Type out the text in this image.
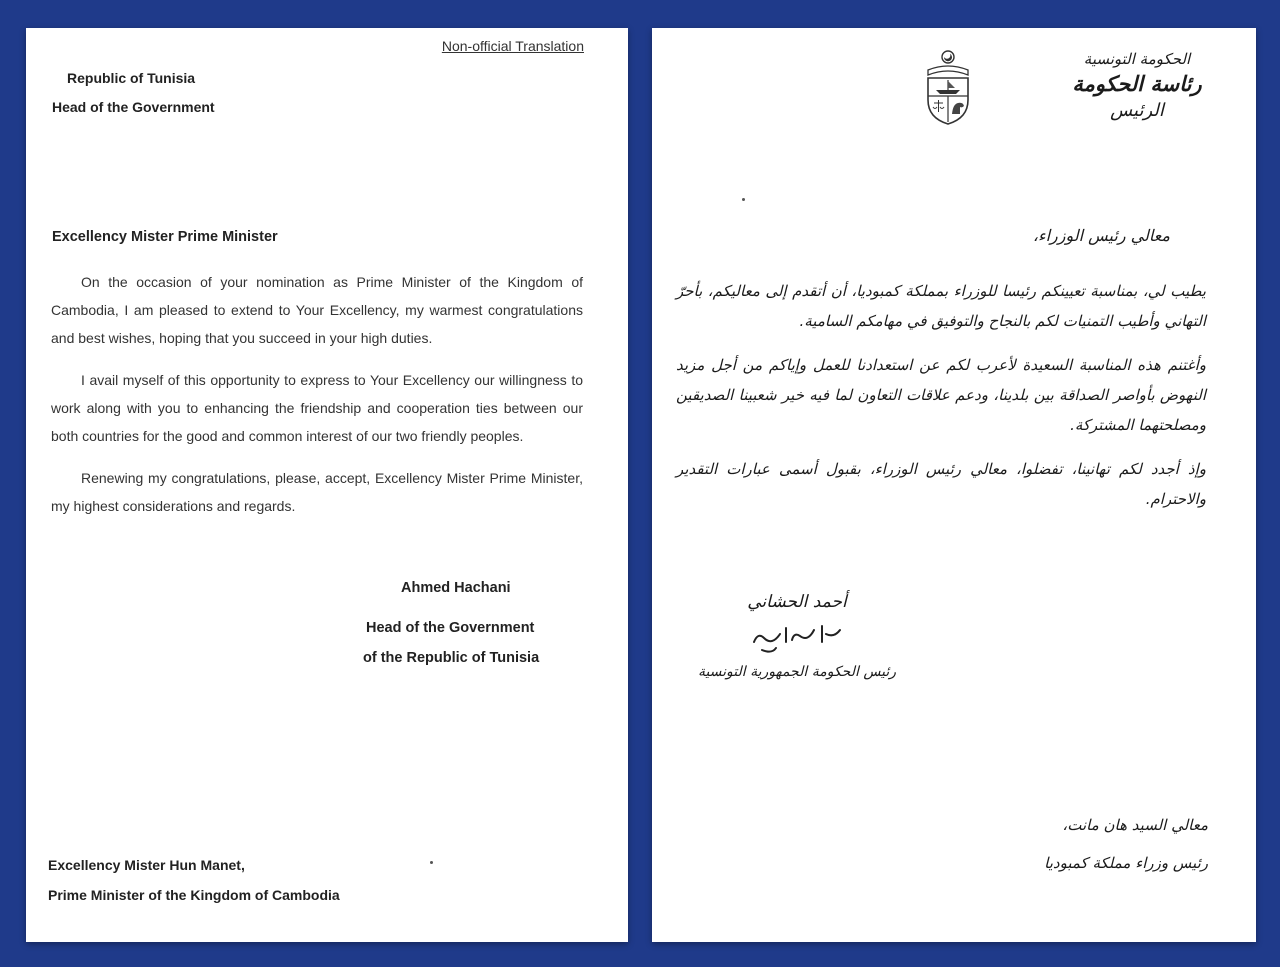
Non-official Translation
Republic of Tunisia
Head of the Government
Excellency Mister Prime Minister

On the occasion of your nomination as Prime Minister of the Kingdom of Cambodia, I am pleased to extend to Your Excellency, my warmest congratulations and best wishes, hoping that you succeed in your high duties.

I avail myself of this opportunity to express to Your Excellency our willingness to work along with you to enhancing the friendship and cooperation ties between our both countries for the good and common interest of our two friendly peoples.

Renewing my congratulations, please, accept, Excellency Mister Prime Minister, my highest considerations and regards.

Ahmed Hachani
Head of the Government
of the Republic of Tunisia
Excellency Mister Hun Manet,
Prime Minister of the Kingdom of Cambodia
الحكومة التونسية
رئاسة الحكومة
الرئيس
معالي رئيس الوزراء،

يطيب لي، بمناسبة تعيينكم رئيسا للوزراء بمملكة كمبوديا، أن أتقدم إلى معاليكم، بأحرّ التهاني وأطيب التمنيات لكم بالنجاح والتوفيق في مهامكم السامية.

وأغتنم هذه المناسبة السعيدة لأعرب لكم عن استعدادنا للعمل وإياكم من أجل مزيد النهوض بأواصر الصداقة بين بلدينا، ودعم علاقات التعاون لما فيه خير شعبينا الصديقين ومصلحتهما المشتركة.

وإذ أجدد لكم تهانينا، تفضلوا، معالي رئيس الوزراء، بقبول أسمى عبارات التقدير والاحترام.

أحمد الحشاني
رئيس الحكومة الجمهورية التونسية
معالي السيد هان مانت،
رئيس وزراء مملكة كمبوديا
